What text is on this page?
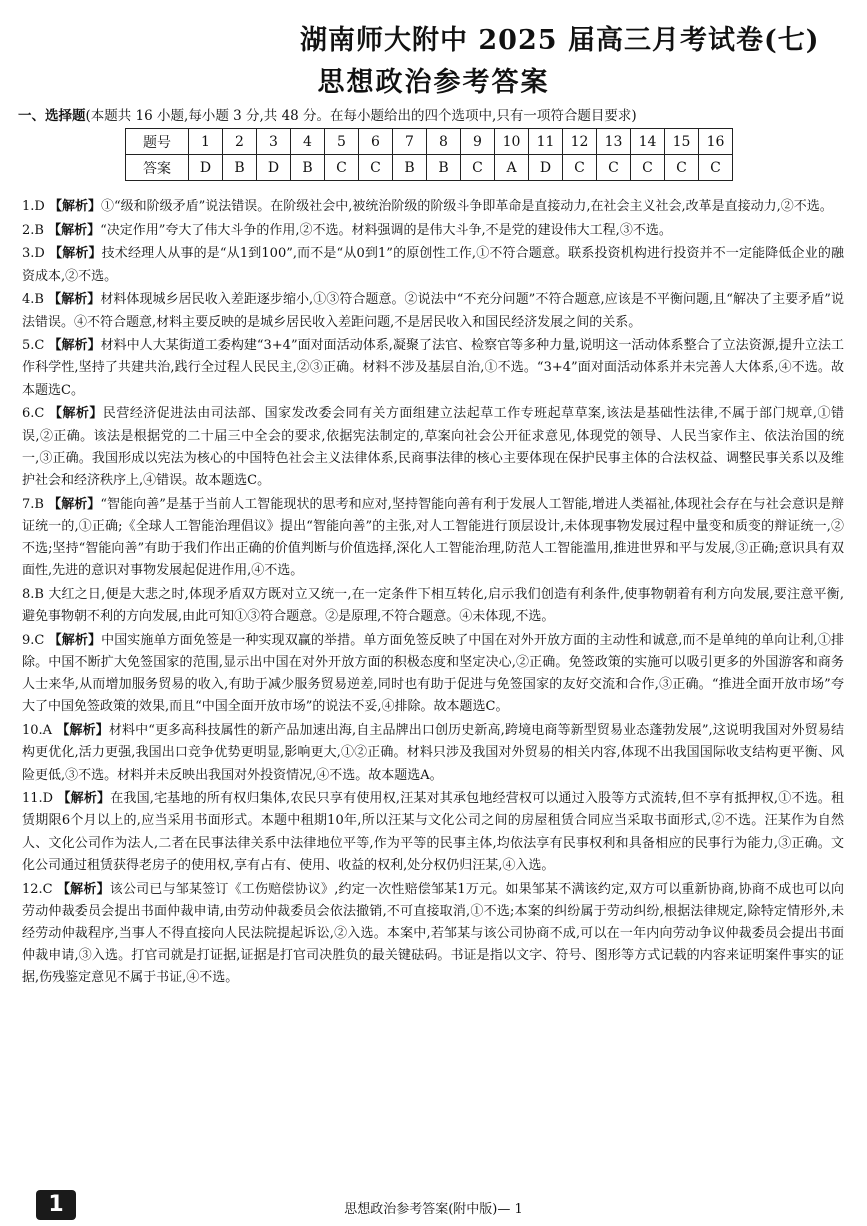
湖南师大附中 2025 届高三月考试卷(七)
思想政治参考答案
一、选择题(本题共 16 小题,每小题 3 分,共 48 分。在每小题给出的四个选项中,只有一项符合题目要求)
题号	1	2	3	4	5	6	7	8	9	10	11	12	13	14	15	16
答案	D	B	D	B	C	C	B	B	C	A	D	C	C	C	C	C
1.D 【解析】①“级和阶级矛盾”说法错误。在阶级社会中,被统治阶级的阶级斗争即革命是直接动力,在社会主义社会,改革是直接动力,②不选。
2.B 【解析】“决定作用”夸大了伟大斗争的作用,②不选。材料强调的是伟大斗争,不是党的建设伟大工程,③不选。
3.D 【解析】技术经理人从事的是“从1到100”,而不是“从0到1”的原创性工作,①不符合题意。联系投资机构进行投资并不一定能降低企业的融资成本,②不选。
4.B 【解析】材料体现城乡居民收入差距逐步缩小,①③符合题意。②说法中“不充分问题”不符合题意,应该是不平衡问题,且“解决了主要矛盾”说法错误。④不符合题意,材料主要反映的是城乡居民收入差距问题,不是居民收入和国民经济发展之间的关系。
5.C 【解析】材料中人大某街道工委构建“3+4”面对面活动体系,凝聚了法官、检察官等多种力量,说明这一活动体系整合了立法资源,提升立法工作科学性,坚持了共建共治,践行全过程人民民主,②③正确。材料不涉及基层自治,①不选。“3+4”面对面活动体系并未完善人大体系,④不选。故本题选C。
6.C 【解析】民营经济促进法由司法部、国家发改委会同有关方面组建立法起草工作专班起草草案,该法是基础性法律,不属于部门规章,①错误,②正确。该法是根据党的二十届三中全会的要求,依据宪法制定的,草案向社会公开征求意见,体现党的领导、人民当家作主、依法治国的统一,③正确。我国形成以宪法为核心的中国特色社会主义法律体系,民商事法律的核心主要体现在保护民事主体的合法权益、调整民事关系以及维护社会和经济秩序上,④错误。故本题选C。
7.B 【解析】“智能向善”是基于当前人工智能现状的思考和应对,坚持智能向善有利于发展人工智能,增进人类福祉,体现社会存在与社会意识是辩证统一的,①正确;《全球人工智能治理倡议》提出“智能向善”的主张,对人工智能进行顶层设计,未体现事物发展过程中量变和质变的辩证统一,②不选;坚持“智能向善”有助于我们作出正确的价值判断与价值选择,深化人工智能治理,防范人工智能滥用,推进世界和平与发展,③正确;意识具有双面性,先进的意识对事物发展起促进作用,④不选。
8.B 大红之日,便是大悲之时,体现矛盾双方既对立又统一,在一定条件下相互转化,启示我们创造有利条件,使事物朝着有利方向发展,要注意平衡,避免事物朝不利的方向发展,由此可知①③符合题意。②是原理,不符合题意。④未体现,不选。
9.C 【解析】中国实施单方面免签是一种实现双赢的举措。单方面免签反映了中国在对外开放方面的主动性和诚意,而不是单纯的单向让利,①排除。中国不断扩大免签国家的范围,显示出中国在对外开放方面的积极态度和坚定决心,②正确。免签政策的实施可以吸引更多的外国游客和商务人士来华,从而增加服务贸易的收入,有助于减少服务贸易逆差,同时也有助于促进与免签国家的友好交流和合作,③正确。“推进全面开放市场”夸大了中国免签政策的效果,而且“中国全面开放市场”的说法不妥,④排除。故本题选C。
10.A 【解析】材料中“更多高科技属性的新产品加速出海,自主品牌出口创历史新高,跨境电商等新型贸易业态蓬勃发展”,这说明我国对外贸易结构更优化,活力更强,我国出口竞争优势更明显,影响更大,①②正确。材料只涉及我国对外贸易的相关内容,体现不出我国国际收支结构更平衡、风险更低,③不选。材料并未反映出我国对外投资情况,④不选。故本题选A。
11.D 【解析】在我国,宅基地的所有权归集体,农民只享有使用权,汪某对其承包地经营权可以通过入股等方式流转,但不享有抵押权,①不选。租赁期限6个月以上的,应当采用书面形式。本题中租期10年,所以汪某与文化公司之间的房屋租赁合同应当采取书面形式,②不选。汪某作为自然人、文化公司作为法人,二者在民事法律关系中法律地位平等,作为平等的民事主体,均依法享有民事权利和具备相应的民事行为能力,③正确。文化公司通过租赁获得老房子的使用权,享有占有、使用、收益的权利,处分权仍归汪某,④入选。
12.C 【解析】该公司已与邹某签订《工伤赔偿协议》,约定一次性赔偿邹某1万元。如果邹某不满该约定,双方可以重新协商,协商不成也可以向劳动仲裁委员会提出书面仲裁申请,由劳动仲裁委员会依法撤销,不可直接取消,①不选;本案的纠纷属于劳动纠纷,根据法律规定,除特定情形外,未经劳动仲裁程序,当事人不得直接向人民法院提起诉讼,②入选。本案中,若邹某与该公司协商不成,可以在一年内向劳动争议仲裁委员会提出书面仲裁申请,③入选。打官司就是打证据,证据是打官司决胜负的最关键砝码。书证是指以文字、符号、图形等方式记载的内容来证明案件事实的证据,伤残鉴定意见不属于书证,④不选。
1	思想政治参考答案(附中版)— 1
